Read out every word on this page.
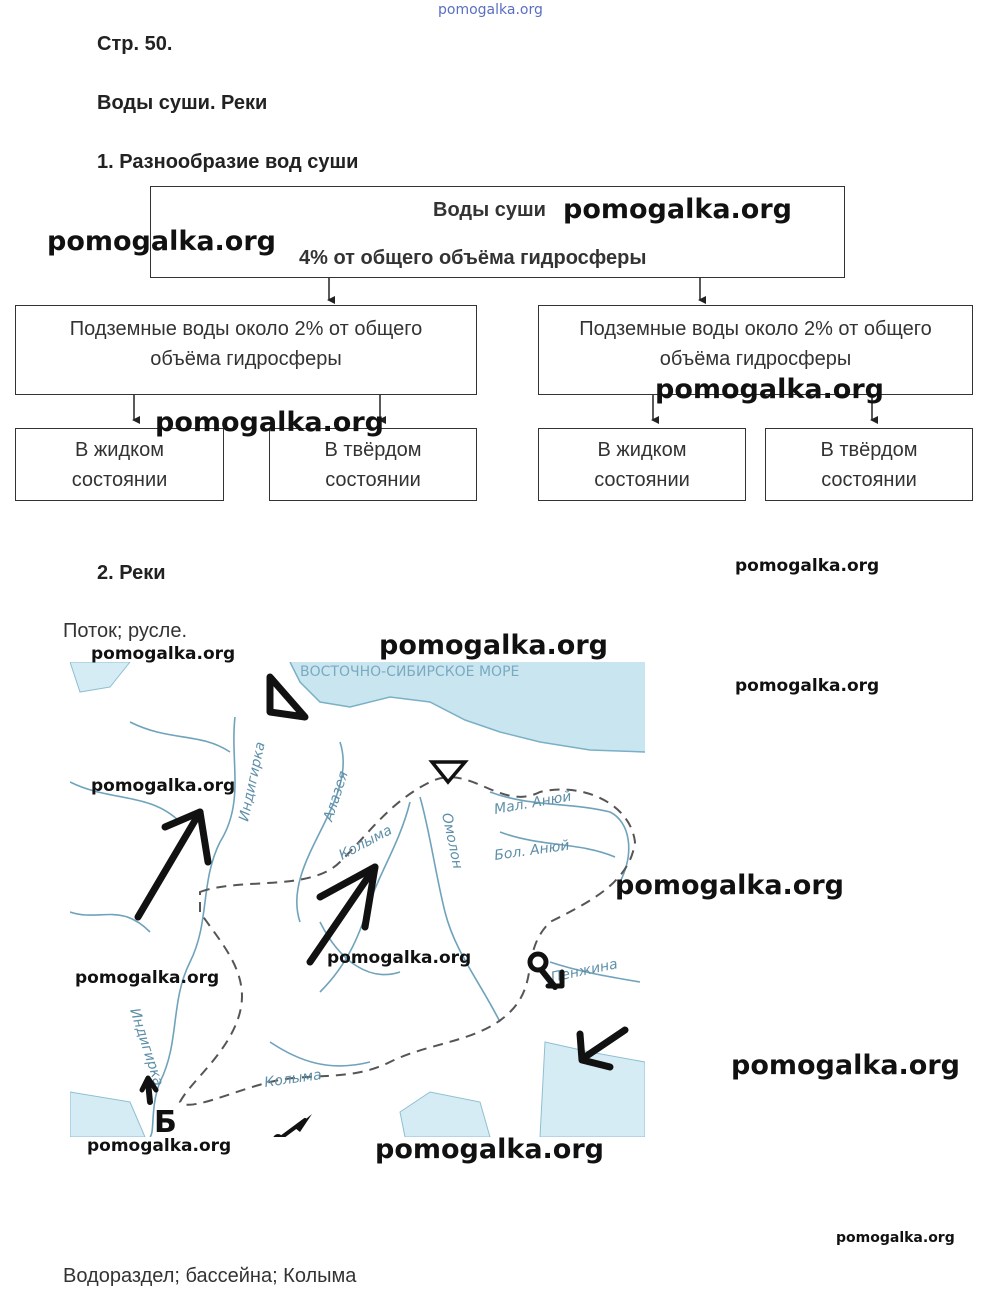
pomogalka.org
Стр. 50.
Воды суши. Реки
1. Разнообразие вод суши
Воды суши
4% от общего объёма гидросферы
Подземные воды около 2% от общего объёма гидросферы
Подземные воды около 2% от общего объёма гидросферы
В жидком состоянии
В твёрдом состоянии
В жидком состоянии
В твёрдом состоянии
2. Реки
Поток; русле.
ВОСТОЧНО-СИБИРСКОЕ МОРЕ
Индигирка	Алазея
Колыма	Омолон
Мал. Анюй
Бол. Анюй
Пенжина
Индигирка	Колыма
Б
Водораздел; бассейна; Колыма
pomogalka.org
pomogalka.org
pomogalka.org
pomogalka.org
pomogalka.org
pomogalka.org
pomogalka.org
pomogalka.org
pomogalka.org
pomogalka.org
pomogalka.org
pomogalka.org
pomogalka.org
pomogalka.org	pomogalka.org
pomogalka.org
